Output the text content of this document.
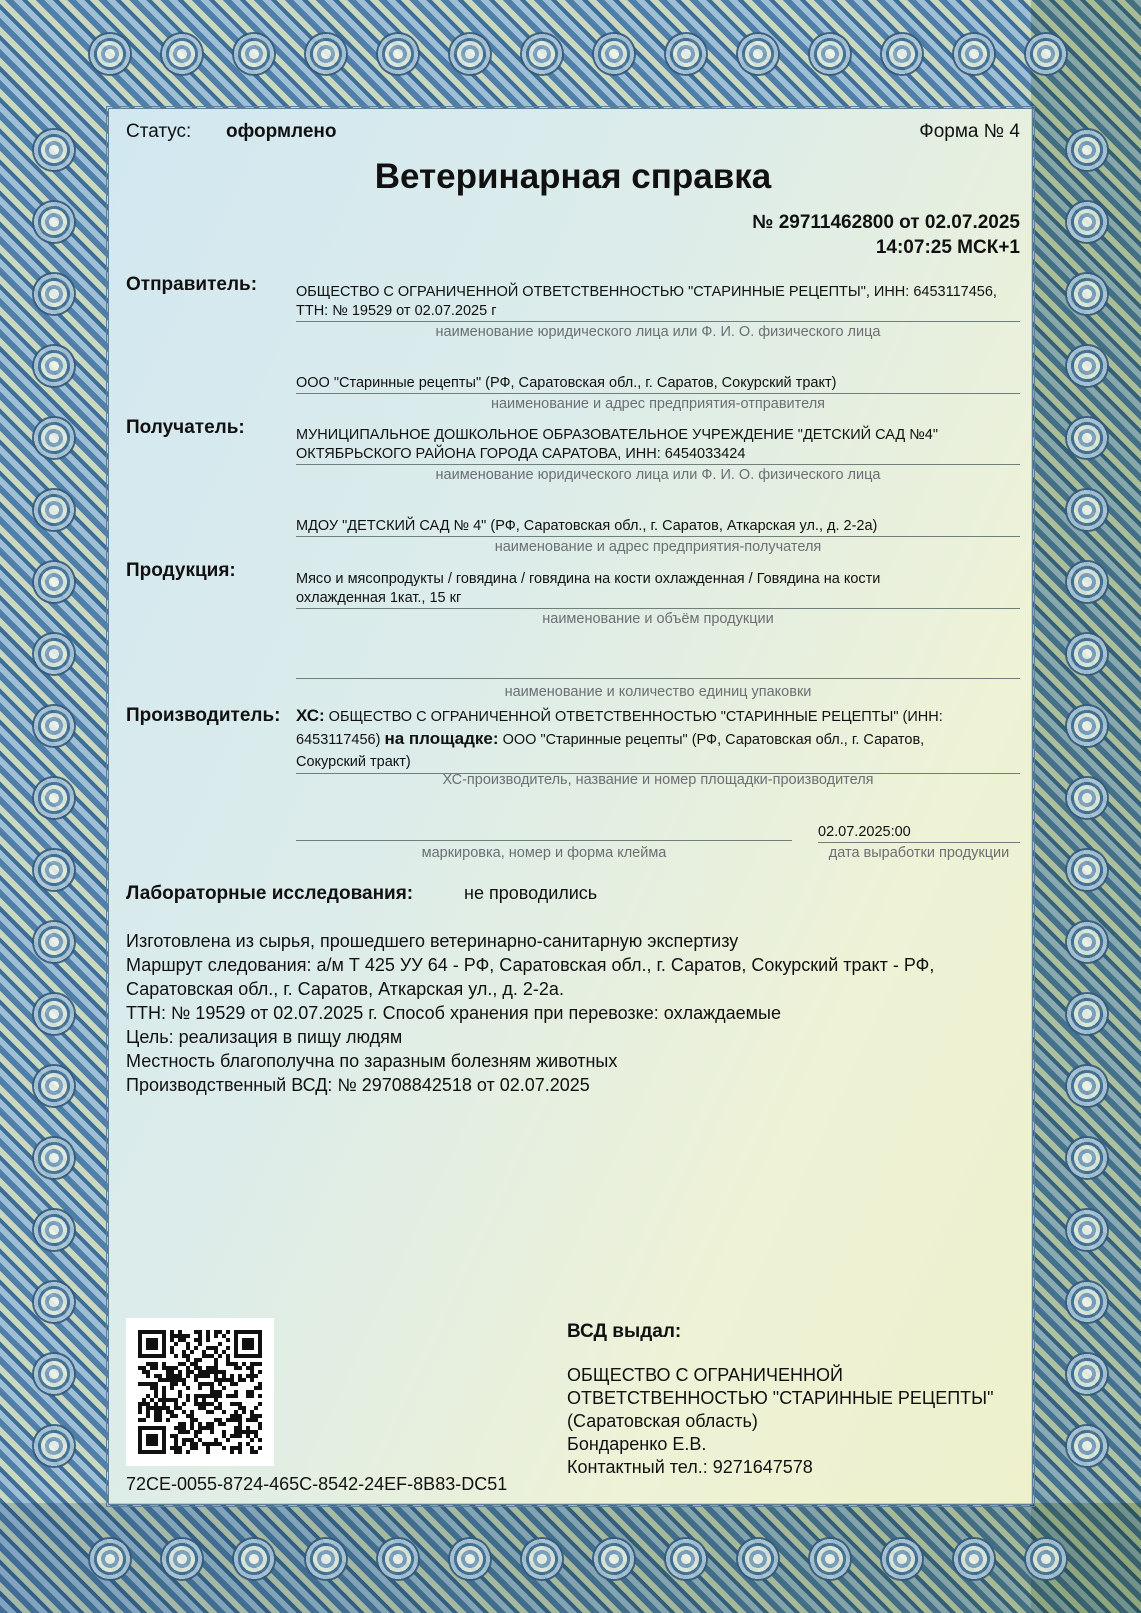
Статус: оформлено	Форма № 4
Ветеринарная справка
№ 29711462800 от 02.07.2025
14:07:25 МСК+1
Отправитель:	ОБЩЕСТВО С ОГРАНИЧЕННОЙ ОТВЕТСТВЕННОСТЬЮ "СТАРИННЫЕ РЕЦЕПТЫ", ИНН: 6453117456,
ТТН: № 19529 от 02.07.2025 г
наименование юридического лица или Ф. И. О. физического лица
ООО "Старинные рецепты" (РФ, Саратовская обл., г. Саратов, Сокурский тракт)
наименование и адрес предприятия-отправителя
Получатель:	МУНИЦИПАЛЬНОЕ ДОШКОЛЬНОЕ ОБРАЗОВАТЕЛЬНОЕ УЧРЕЖДЕНИЕ "ДЕТСКИЙ САД №4"
ОКТЯБРЬСКОГО РАЙОНА ГОРОДА САРАТОВА, ИНН: 6454033424
наименование юридического лица или Ф. И. О. физического лица
МДОУ "ДЕТСКИЙ САД № 4" (РФ, Саратовская обл., г. Саратов, Аткарская ул., д. 2-2а)
наименование и адрес предприятия-получателя
Продукция:	Мясо и мясопродукты / говядина / говядина на кости охлажденная / Говядина на кости
охлажденная 1кат., 15 кг
наименование и объём продукции
наименование и количество единиц упаковки
Производитель: ХС: ОБЩЕСТВО С ОГРАНИЧЕННОЙ ОТВЕТСТВЕННОСТЬЮ "СТАРИННЫЕ РЕЦЕПТЫ" (ИНН:
6453117456) на площадке: ООО "Старинные рецепты" (РФ, Саратовская обл., г. Саратов,
Сокурский тракт)
ХС-производитель, название и номер площадки-производителя
маркировка, номер и форма клейма
02.07.2025:00
дата выработки продукции
Лабораторные исследования:	не проводились
Изготовлена из сырья, прошедшего ветеринарно-санитарную экспертизу
Маршрут следования: а/м Т 425 УУ 64 - РФ, Саратовская обл., г. Саратов, Сокурский тракт - РФ,
Саратовская обл., г. Саратов, Аткарская ул., д. 2-2а.
ТТН: № 19529 от 02.07.2025 г. Способ хранения при перевозке: охлаждаемые
Цель: реализация в пищу людям
Местность благополучна по заразным болезням животных
Производственный ВСД: № 29708842518 от 02.07.2025
72CE-0055-8724-465C-8542-24EF-8B83-DC51
ВСД выдал:
ОБЩЕСТВО С ОГРАНИЧЕННОЙ
ОТВЕТСТВЕННОСТЬЮ "СТАРИННЫЕ РЕЦЕПТЫ"
(Саратовская область)
Бондаренко Е.В.
Контактный тел.: 9271647578
